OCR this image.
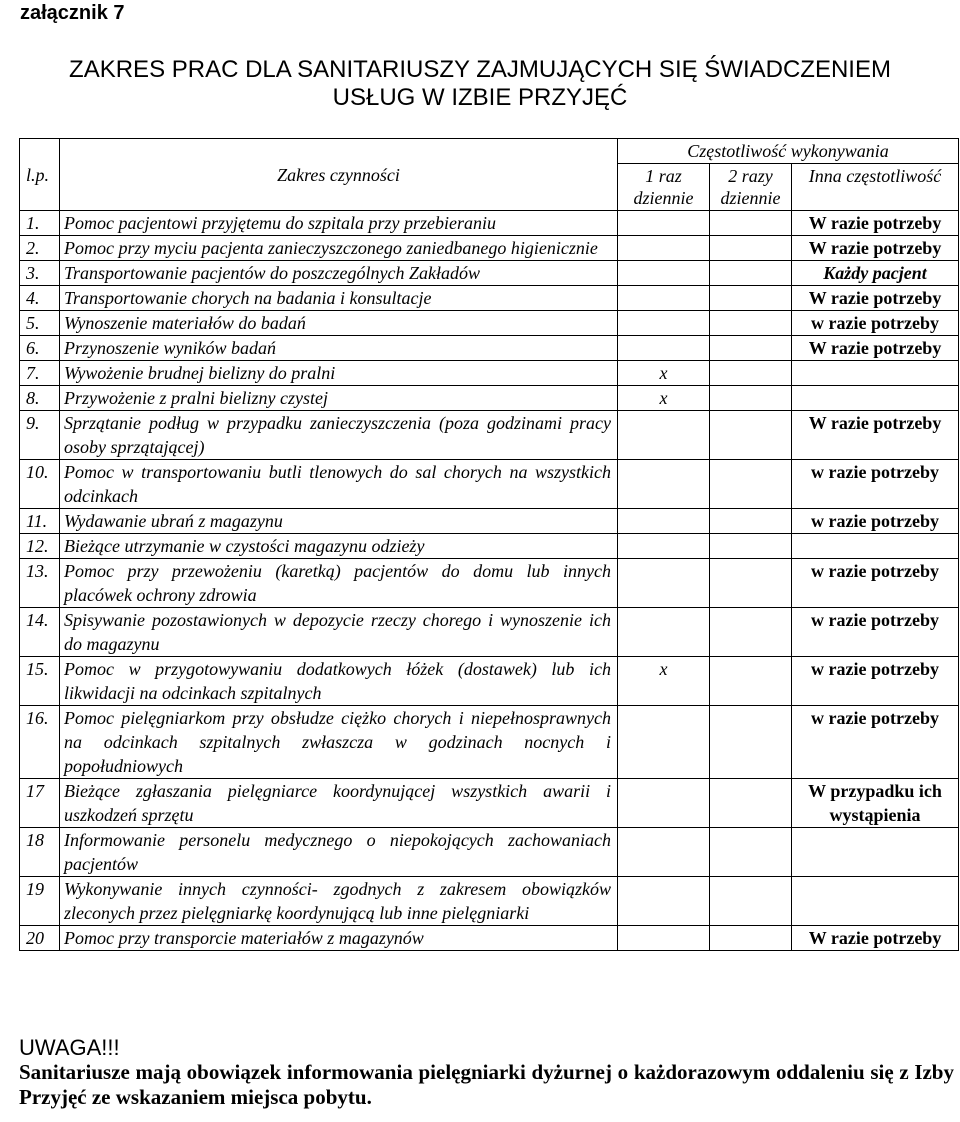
załącznik 7
ZAKRES PRAC DLA SANITARIUSZY ZAJMUJĄCYCH SIĘ ŚWIADCZENIEM
USŁUG W IZBIE PRZYJĘĆ
l.p.	Zakres czynności	Częstotliwość wykonywania		
		1 raz dziennie	2 razy dziennie	Inna częstotliwość
1.	Pomoc pacjentowi przyjętemu do szpitala przy przebieraniu			W razie potrzeby
2.	Pomoc przy myciu pacjenta zanieczyszczonego zaniedbanego higienicznie			W razie potrzeby
3.	Transportowanie pacjentów do poszczególnych Zakładów			Każdy pacjent
4.	Transportowanie chorych na badania i konsultacje			W razie potrzeby
5.	Wynoszenie materiałów do badań			w razie potrzeby
6.	Przynoszenie wyników badań			W razie potrzeby
7.	Wywożenie brudnej bielizny do pralni	x		
8.	Przywożenie z pralni bielizny czystej	x		
9.	Sprzątanie podług w przypadku zanieczyszczenia (poza godzinami pracy osoby sprzątającej)			W razie potrzeby
10.	Pomoc w transportowaniu butli tlenowych do sal chorych na wszystkich odcinkach			w razie potrzeby
11.	Wydawanie ubrań z magazynu			w razie potrzeby
12.	Bieżące utrzymanie w czystości magazynu odzieży			
13.	Pomoc przy przewożeniu (karetką) pacjentów do domu lub innych placówek ochrony zdrowia			w razie potrzeby
14.	Spisywanie pozostawionych w depozycie rzeczy chorego i wynoszenie ich do magazynu			w razie potrzeby
15.	Pomoc w przygotowywaniu dodatkowych łóżek (dostawek) lub ich likwidacji na odcinkach szpitalnych	x		w razie potrzeby
16.	Pomoc pielęgniarkom przy obsłudze ciężko chorych i niepełnosprawnych na odcinkach szpitalnych zwłaszcza w godzinach nocnych i popołudniowych			w razie potrzeby
17	Bieżące zgłaszania pielęgniarce koordynującej wszystkich awarii i uszkodzeń sprzętu			W przypadku ich wystąpienia
18	Informowanie personelu medycznego o niepokojących zachowaniach pacjentów			
19	Wykonywanie innych czynności- zgodnych z zakresem obowiązków zleconych przez pielęgniarkę koordynującą lub inne pielęgniarki			
20	Pomoc przy transporcie materiałów z magazynów			W razie potrzeby
UWAGA!!!
Sanitariusze mają obowiązek informowania pielęgniarki dyżurnej o każdorazowym oddaleniu się z Izby Przyjęć ze wskazaniem miejsca pobytu.
